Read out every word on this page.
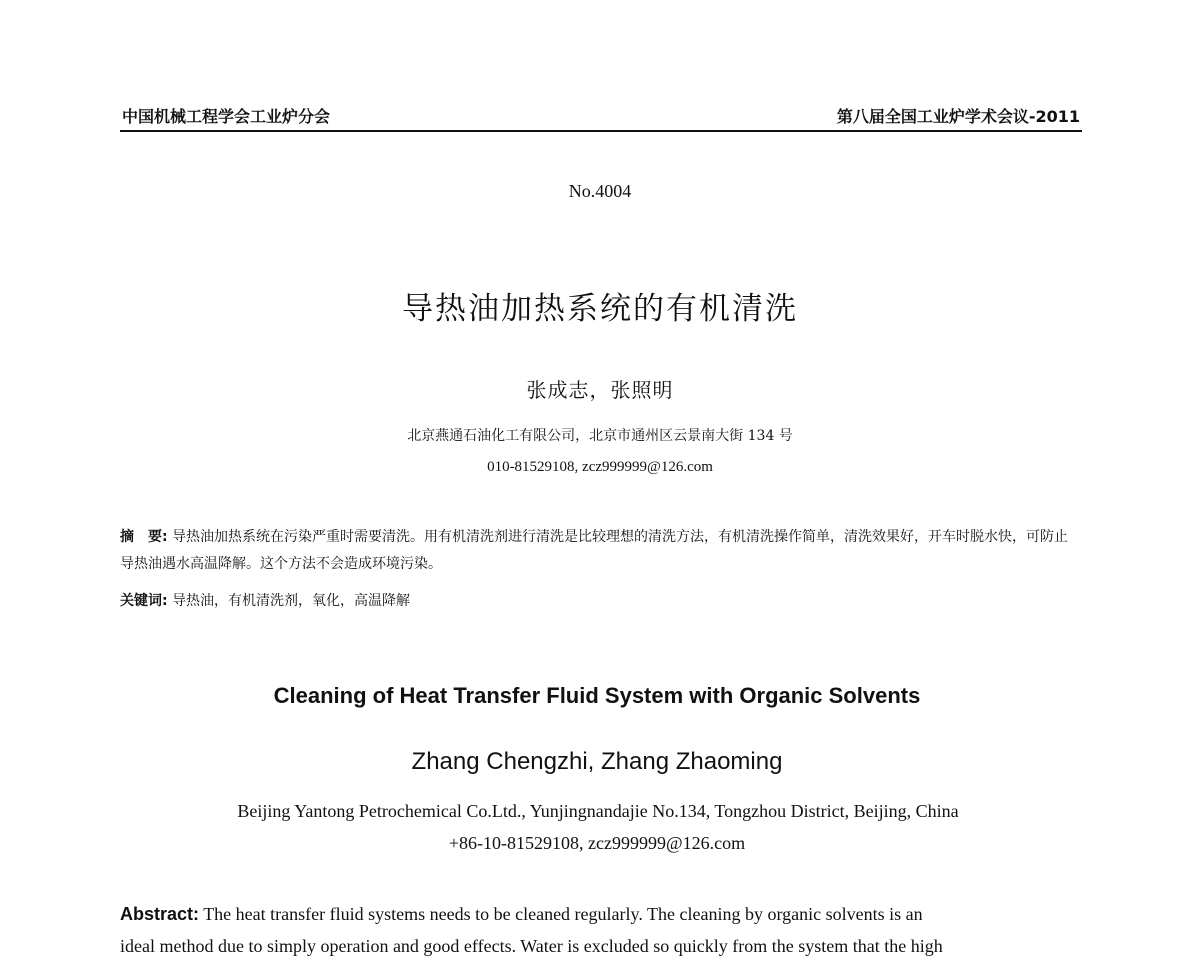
中国机械工程学会工业炉分会	第八届全国工业炉学术会议-2011
No.4004
导热油加热系统的有机清洗
张成志，张照明
北京燕通石油化工有限公司，北京市通州区云景南大街 134 号
010-81529108, zcz999999@126.com
摘　要: 导热油加热系统在污染严重时需要清洗。用有机清洗剂进行清洗是比较理想的清洗方法，有机清洗操作简单，清洗效果好，开车时脱水快，可防止导热油遇水高温降解。这个方法不会造成环境污染。
关键词: 导热油，有机清洗剂，氧化，高温降解
Cleaning of Heat Transfer Fluid System with Organic Solvents
Zhang Chengzhi, Zhang Zhaoming
Beijing Yantong Petrochemical Co.Ltd., Yunjingnandajie No.134, Tongzhou District, Beijing, China
+86-10-81529108, zcz999999@126.com
Abstract: The heat transfer fluid systems needs to be cleaned regularly. The cleaning by organic solvents is an
ideal method due to simply operation and good effects. Water is excluded so quickly from the system that the high
